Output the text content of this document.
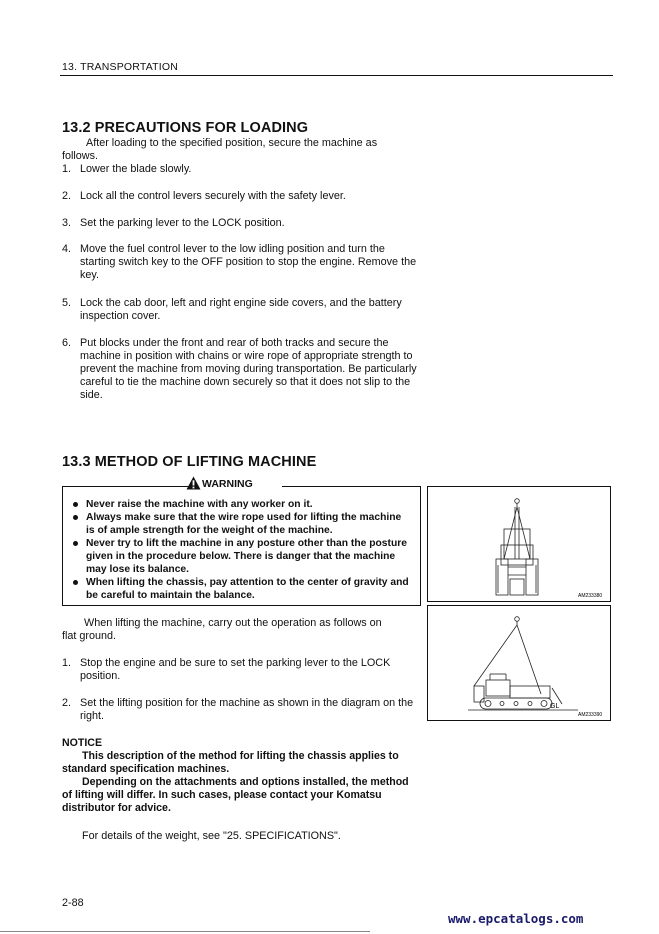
13. TRANSPORTATION
13.2 PRECAUTIONS FOR LOADING
After loading to the specified position, secure the machine as
follows.
1. Lower the blade slowly.
2. Lock all the control levers securely with the safety lever.
3. Set the parking lever to the LOCK position.
4. Move the fuel control lever to the low idling position and turn the starting switch key to the OFF position to stop the engine. Remove the key.
5. Lock the cab door, left and right engine side covers, and the battery inspection cover.
6. Put blocks under the front and rear of both tracks and secure the machine in position with chains or wire rope of appropriate strength to prevent the machine from moving during transportation. Be particularly careful to tie the machine down securely so that it does not slip to the side.
13.3 METHOD OF LIFTING MACHINE
WARNING
Never raise the machine with any worker on it.
Always make sure that the wire rope used for lifting the machine is of ample strength for the weight of the machine.
Never try to lift the machine in any posture other than the posture given in the procedure below. There is danger that the machine may lose its balance.
When lifting the chassis, pay attention to the center of gravity and be careful to maintain the balance.	AM233380
GL
AM233390
When lifting the machine, carry out the operation as follows on
flat ground.
1. Stop the engine and be sure to set the parking lever to the LOCK position.
2. Set the lifting position for the machine as shown in the diagram on the right.
NOTICE
This description of the method for lifting the chassis applies to standard specification machines.
Depending on the attachments and options installed, the method of lifting will differ. In such cases, please contact your Komatsu distributor for advice.
For details of the weight, see "25. SPECIFICATIONS".
2-88
www.epcatalogs.com
